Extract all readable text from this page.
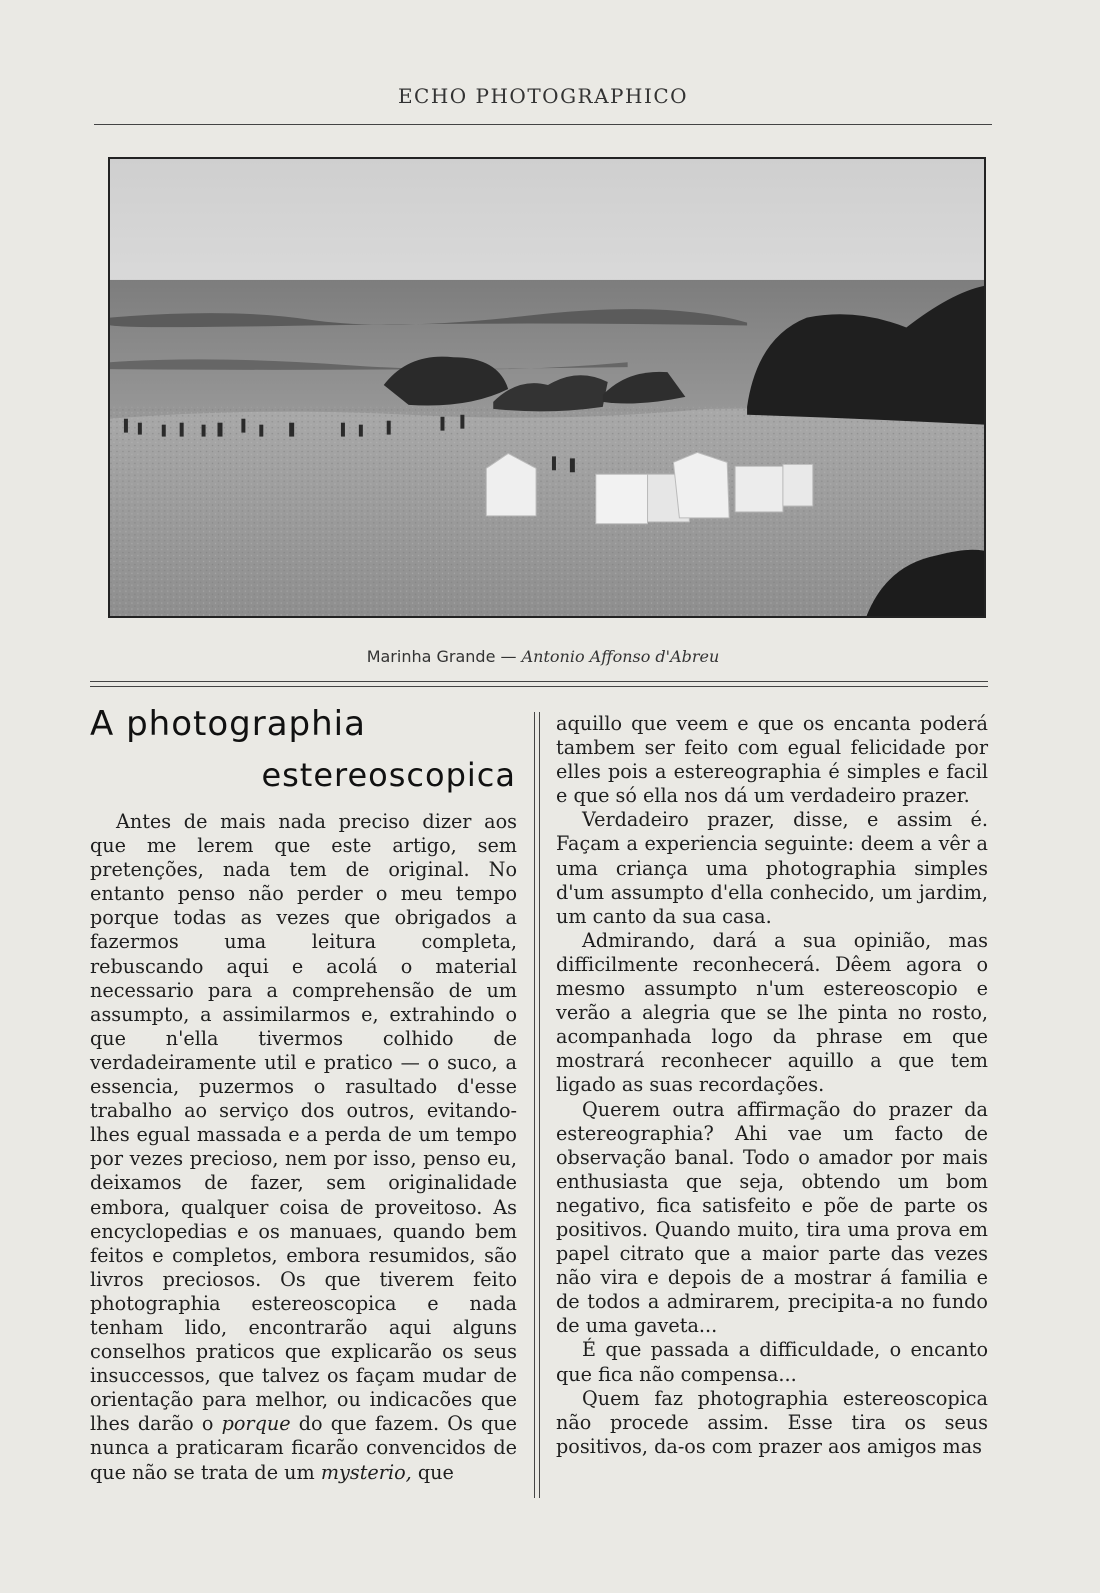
ECHO PHOTOGRAPHICO
Marinha Grande — Antonio Affonso d'Abreu
A photographia
estereoscopica

Antes de mais nada preciso dizer aos que me lerem que este artigo, sem pretenções, nada tem de original. No entanto penso não perder o meu tempo porque todas as vezes que obrigados a fazermos uma leitura completa, rebuscando aqui e acolá o material necessario para a comprehensão de um assumpto, a assimilarmos e, extrahindo o que n'ella tivermos colhido de verdadeiramente util e pratico — o suco, a essencia, puzermos o rasultado d'esse trabalho ao serviço dos outros, evitando-lhes egual massada e a perda de um tempo por vezes precioso, nem por isso, penso eu, deixamos de fazer, sem originalidade embora, qualquer coisa de proveitoso. As encyclopedias e os manuaes, quando bem feitos e completos, embora resumidos, são livros preciosos. Os que tiverem feito photographia estereoscopica e nada tenham lido, encontrarão aqui alguns conselhos praticos que explicarão os seus insuccessos, que talvez os façam mudar de orientação para melhor, ou indicacões que lhes darão o porque do que fazem. Os que nunca a praticaram ficarão convencidos de que não se trata de um mysterio, que

aquillo que veem e que os encanta poderá tambem ser feito com egual felicidade por elles pois a estereographia é simples e facil e que só ella nos dá um verdadeiro prazer.

Verdadeiro prazer, disse, e assim é. Façam a experiencia seguinte: deem a vêr a uma criança uma photographia simples d'um assumpto d'ella conhecido, um jardim, um canto da sua casa.

Admirando, dará a sua opinião, mas difficilmente reconhecerá. Dêem agora o mesmo assumpto n'um estereoscopio e verão a alegria que se lhe pinta no rosto, acompanhada logo da phrase em que mostrará reconhecer aquillo a que tem ligado as suas recordações.

Querem outra affirmação do prazer da estereographia? Ahi vae um facto de observação banal. Todo o amador por mais enthusiasta que seja, obtendo um bom negativo, fica satisfeito e põe de parte os positivos. Quando muito, tira uma prova em papel citrato que a maior parte das vezes não vira e depois de a mostrar á familia e de todos a admirarem, precipita-a no fundo de uma gaveta...

É que passada a difficuldade, o encanto que fica não compensa...

Quem faz photographia estereoscopica não procede assim. Esse tira os seus positivos, da-os com prazer aos amigos mas
